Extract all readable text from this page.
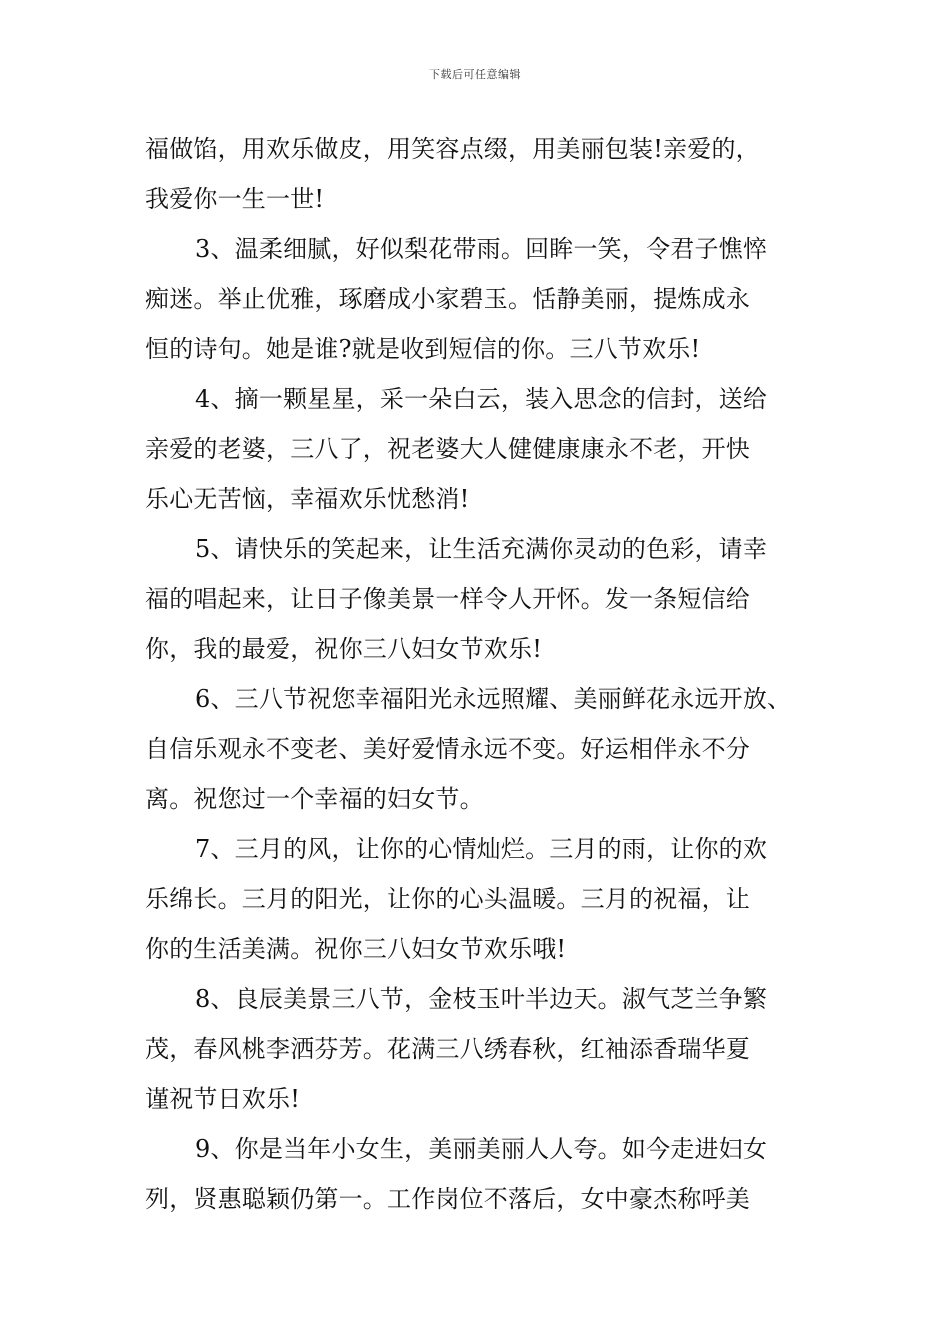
下载后可任意编辑
福做馅，用欢乐做皮，用笑容点缀，用美丽包装!亲爱的，
我爱你一生一世!
3、温柔细腻，好似梨花带雨。回眸一笑，令君子憔悴
痴迷。举止优雅，琢磨成小家碧玉。恬静美丽，提炼成永
恒的诗句。她是谁?就是收到短信的你。三八节欢乐!
4、摘一颗星星，采一朵白云，装入思念的信封，送给
亲爱的老婆，三八了，祝老婆大人健健康康永不老，开快
乐心无苦恼，幸福欢乐忧愁消!
5、请快乐的笑起来，让生活充满你灵动的色彩，请幸
福的唱起来，让日子像美景一样令人开怀。发一条短信给
你，我的最爱，祝你三八妇女节欢乐!
6、三八节祝您幸福阳光永远照耀、美丽鲜花永远开放、
自信乐观永不变老、美好爱情永远不变。好运相伴永不分
离。祝您过一个幸福的妇女节。
7、三月的风，让你的心情灿烂。三月的雨，让你的欢
乐绵长。三月的阳光，让你的心头温暖。三月的祝福，让
你的生活美满。祝你三八妇女节欢乐哦!
8、良辰美景三八节，金枝玉叶半边天。淑气芝兰争繁
茂，春风桃李洒芬芳。花满三八绣春秋，红袖添香瑞华夏
谨祝节日欢乐!
9、你是当年小女生，美丽美丽人人夸。如今走进妇女
列，贤惠聪颖仍第一。工作岗位不落后，女中豪杰称呼美
